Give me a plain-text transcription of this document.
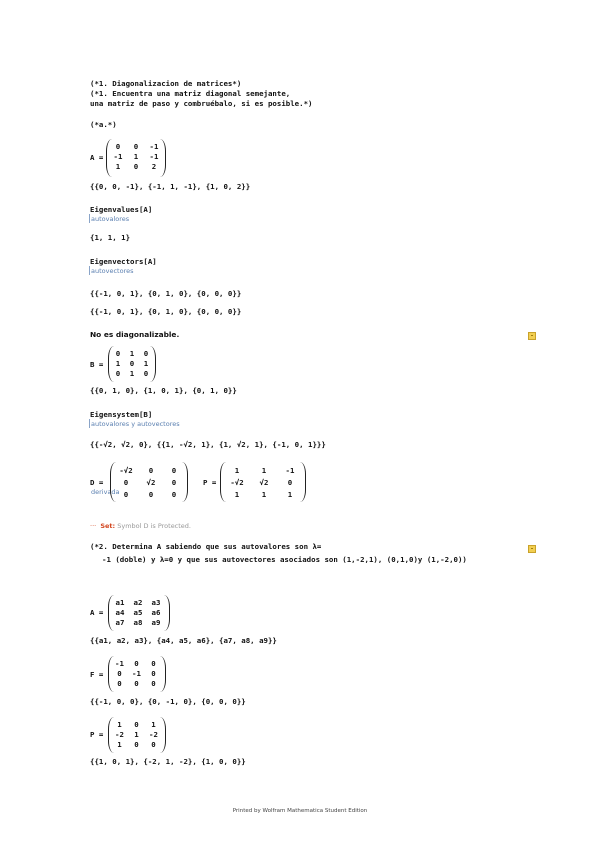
(*1. Diagonalizacion de matrices*)
(*1. Encuentra una matriz diagonal semejante,
una matriz de paso y combruébalo, si es posible.*)
(*a.*)
A =
0	0	-1
-1	1	-1
1	0	2
{{0, 0, -1}, {-1, 1, -1}, {1, 0, 2}}
Eigenvalues[A]
autovalores
{1, 1, 1}
Eigenvectors[A]
autovectores
{{-1, 0, 1}, {0, 1, 0}, {0, 0, 0}}
{{-1, 0, 1}, {0, 1, 0}, {0, 0, 0}}
No es diagonalizable.
B =
0	1	0
1	0	1
0	1	0
{{0, 1, 0}, {1, 0, 1}, {0, 1, 0}}
Eigensystem[B]
autovalores y autovectores
{{-√2, √2, 0}, {{1, -√2, 1}, {1, √2, 1}, {-1, 0, 1}}}
D =
derivada
-√2	0	0
0	√2	0
0	0	0
P =
1	1	-1
-√2	√2	0
1	1	1
··· Set: Symbol D is Protected.
(*2. Determina A sabiendo que sus autovalores son λ=
-1 (doble) y λ=0 y que sus autovectores asociados son (1,-2,1), (0,1,0)y (1,-2,0))
A =
a1	a2	a3
a4	a5	a6
a7	a8	a9
{{a1, a2, a3}, {a4, a5, a6}, {a7, a8, a9}}
F =
-1	0	0
0	-1	0
0	0	0
{{-1, 0, 0}, {0, -1, 0}, {0, 0, 0}}
P =
1	0	1
-2	1	-2
1	0	0
{{1, 0, 1}, {-2, 1, -2}, {1, 0, 0}}
Printed by Wolfram Mathematica Student Edition
